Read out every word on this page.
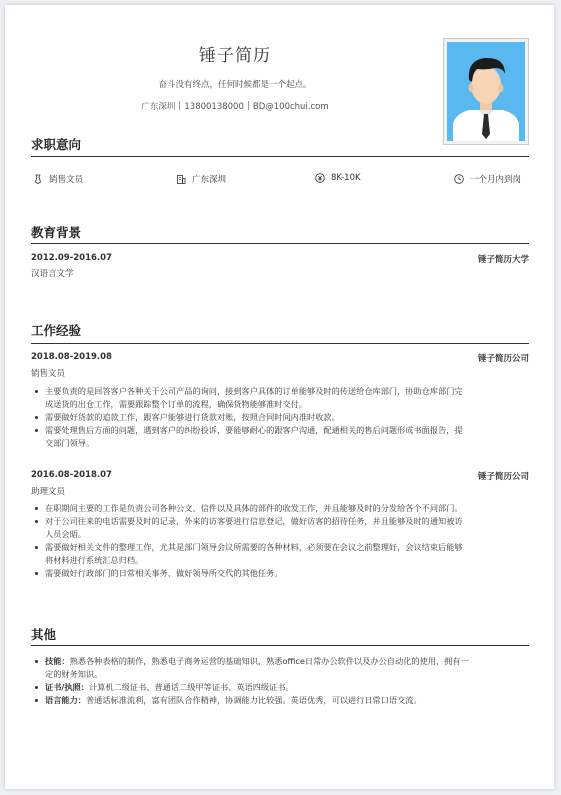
锤子简历
奋斗没有终点，任何时候都是一个起点。
广东深圳 13800138000 BD@100chui.com
求职意向
销售文员	广东深圳	8K-10K	一个月内到岗
教育背景
2012.09-2016.07	锤子简历大学
汉语言文学
工作经验
2018.08-2019.08	锤子简历公司
销售文员
主要负责的是回答客户各种关于公司产品的询问，接到客户具体的订单能够及时的传送给仓库部门，协助仓库部门完
成送货的出仓工作，需要跟踪整个订单的流程，确保货物能够准时交付。
需要做好货款的追款工作，跟客户能够进行货款对账，按照合同时间内准时收款。
需要处理售后方面的问题，遇到客户的纠纷投诉，要能够耐心的跟客户沟通，配通相关的售后问题形成书面报告，提
交部门领导。
2016.08-2018.07	锤子简历公司
助理文员
在职期间主要的工作是负责公司各种公文、信件以及具体的部件的收发工作，并且能够及时的分发给各个不同部门。
对于公司往来的电话需要及时的记录，外来的访客要进行信息登记，做好访客的招待任务，并且能够及时的通知被访
人员会晤。
需要做好相关文件的整理工作，尤其是部门领导会议所需要的各种材料，必须要在会议之前整理好，会议结束后能够
将材料进行系统汇总归档。
需要做好行政部门的日常相关事务，做好领导所交代的其他任务。
其他
技能：熟悉各种表格的制作，熟悉电子商务运营的基础知识，熟悉office日常办公软件以及办公自动化的使用，拥有一
定的财务知识。
证书/执照：计算机二级证书、普通话二级甲等证书、英语四级证书。
语言能力：普通话标准流利，富有团队合作精神，协调能力比较强。英语优秀，可以进行日常口语交流。
